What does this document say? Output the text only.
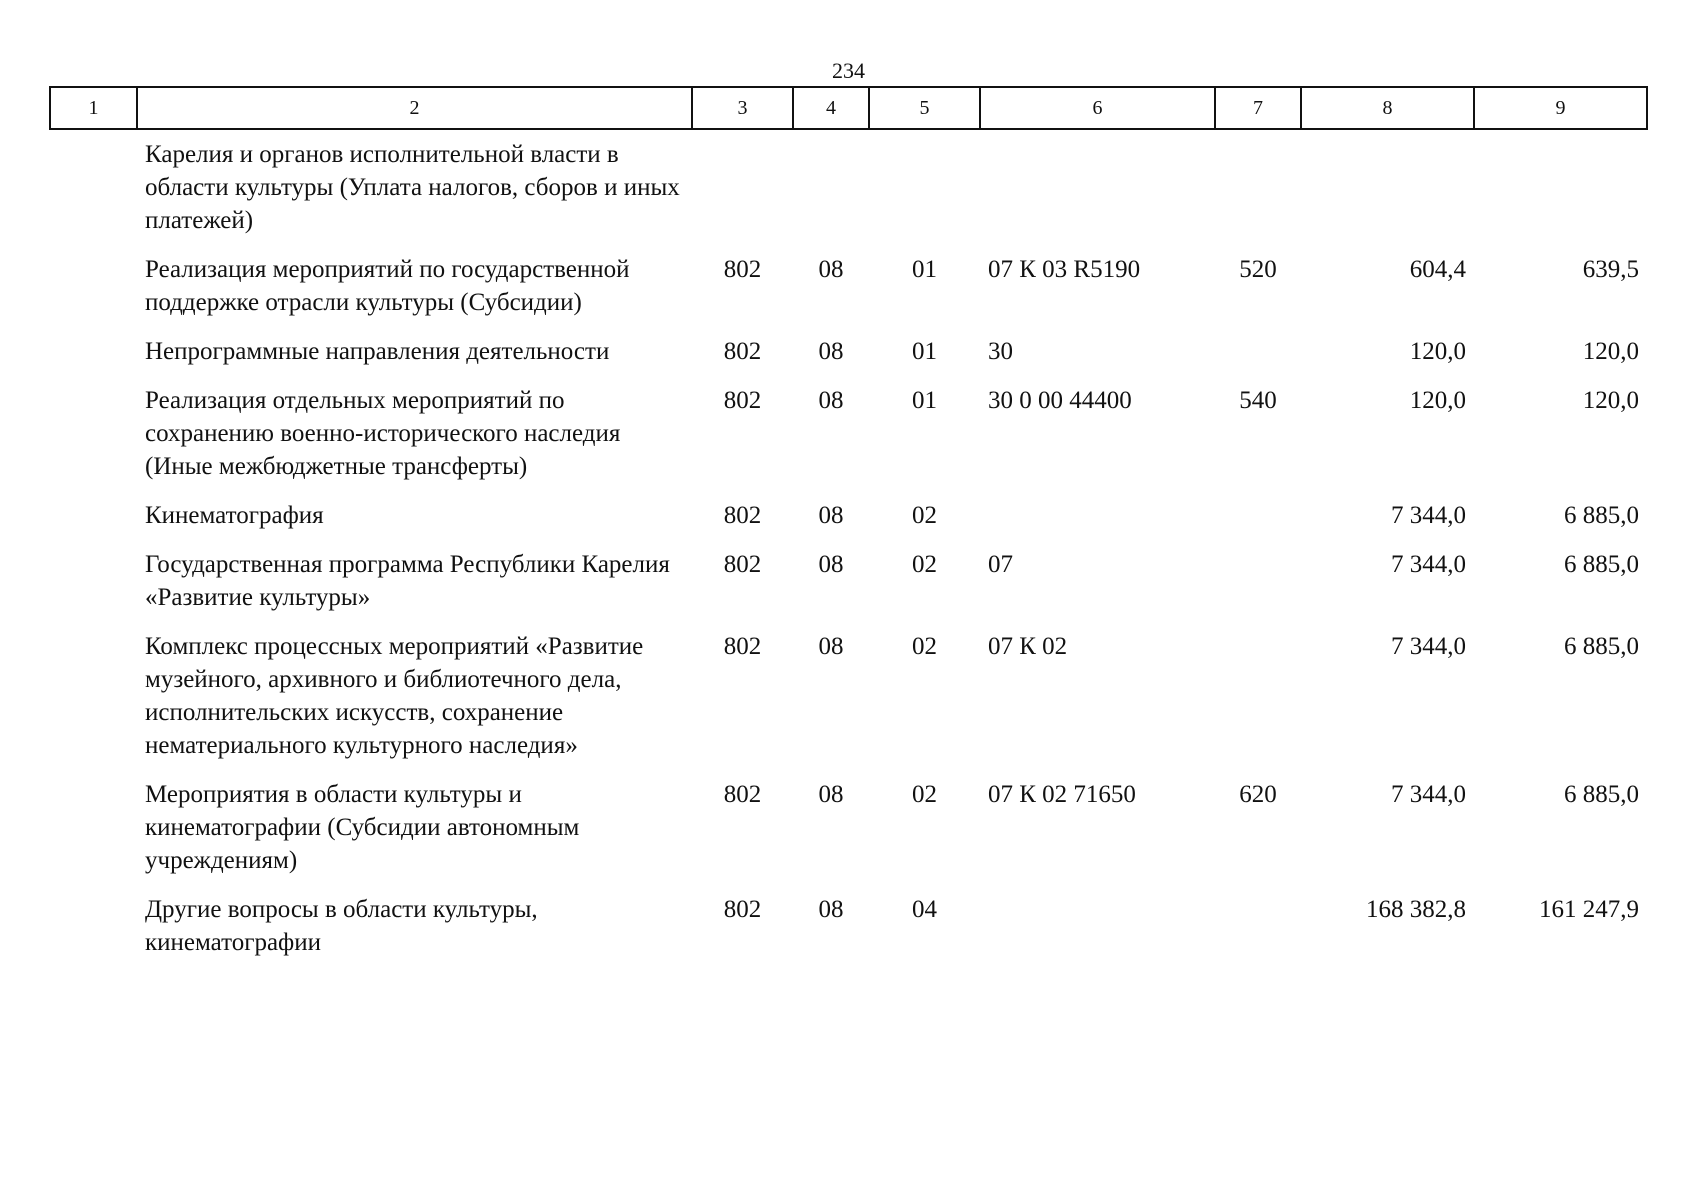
234
1	2	3	4	5	6	7	8	9
	Карелия и органов исполнительной власти в области культуры (Уплата налогов, сборов и иных платежей)							
	Реализация мероприятий по государственной поддержке отрасли культуры (Субсидии)	802	08	01	07 К 03 R5190	520	604,4	639,5
	Непрограммные направления деятельности	802	08	01	30		120,0	120,0
	Реализация отдельных мероприятий по сохранению военно-исторического наследия (Иные межбюджетные трансферты)	802	08	01	30 0 00 44400	540	120,0	120,0
	Кинематография	802	08	02			7 344,0	6 885,0
	Государственная программа Республики Карелия «Развитие культуры»	802	08	02	07		7 344,0	6 885,0
	Комплекс процессных мероприятий «Развитие музейного, архивного и библиотечного дела, исполнительских искусств, сохранение нематериального культурного наследия»	802	08	02	07 К 02		7 344,0	6 885,0
	Мероприятия в области культуры и кинематографии (Субсидии автономным учреждениям)	802	08	02	07 К 02 71650	620	7 344,0	6 885,0
	Другие вопросы в области культуры, кинематографии	802	08	04			168 382,8	161 247,9
